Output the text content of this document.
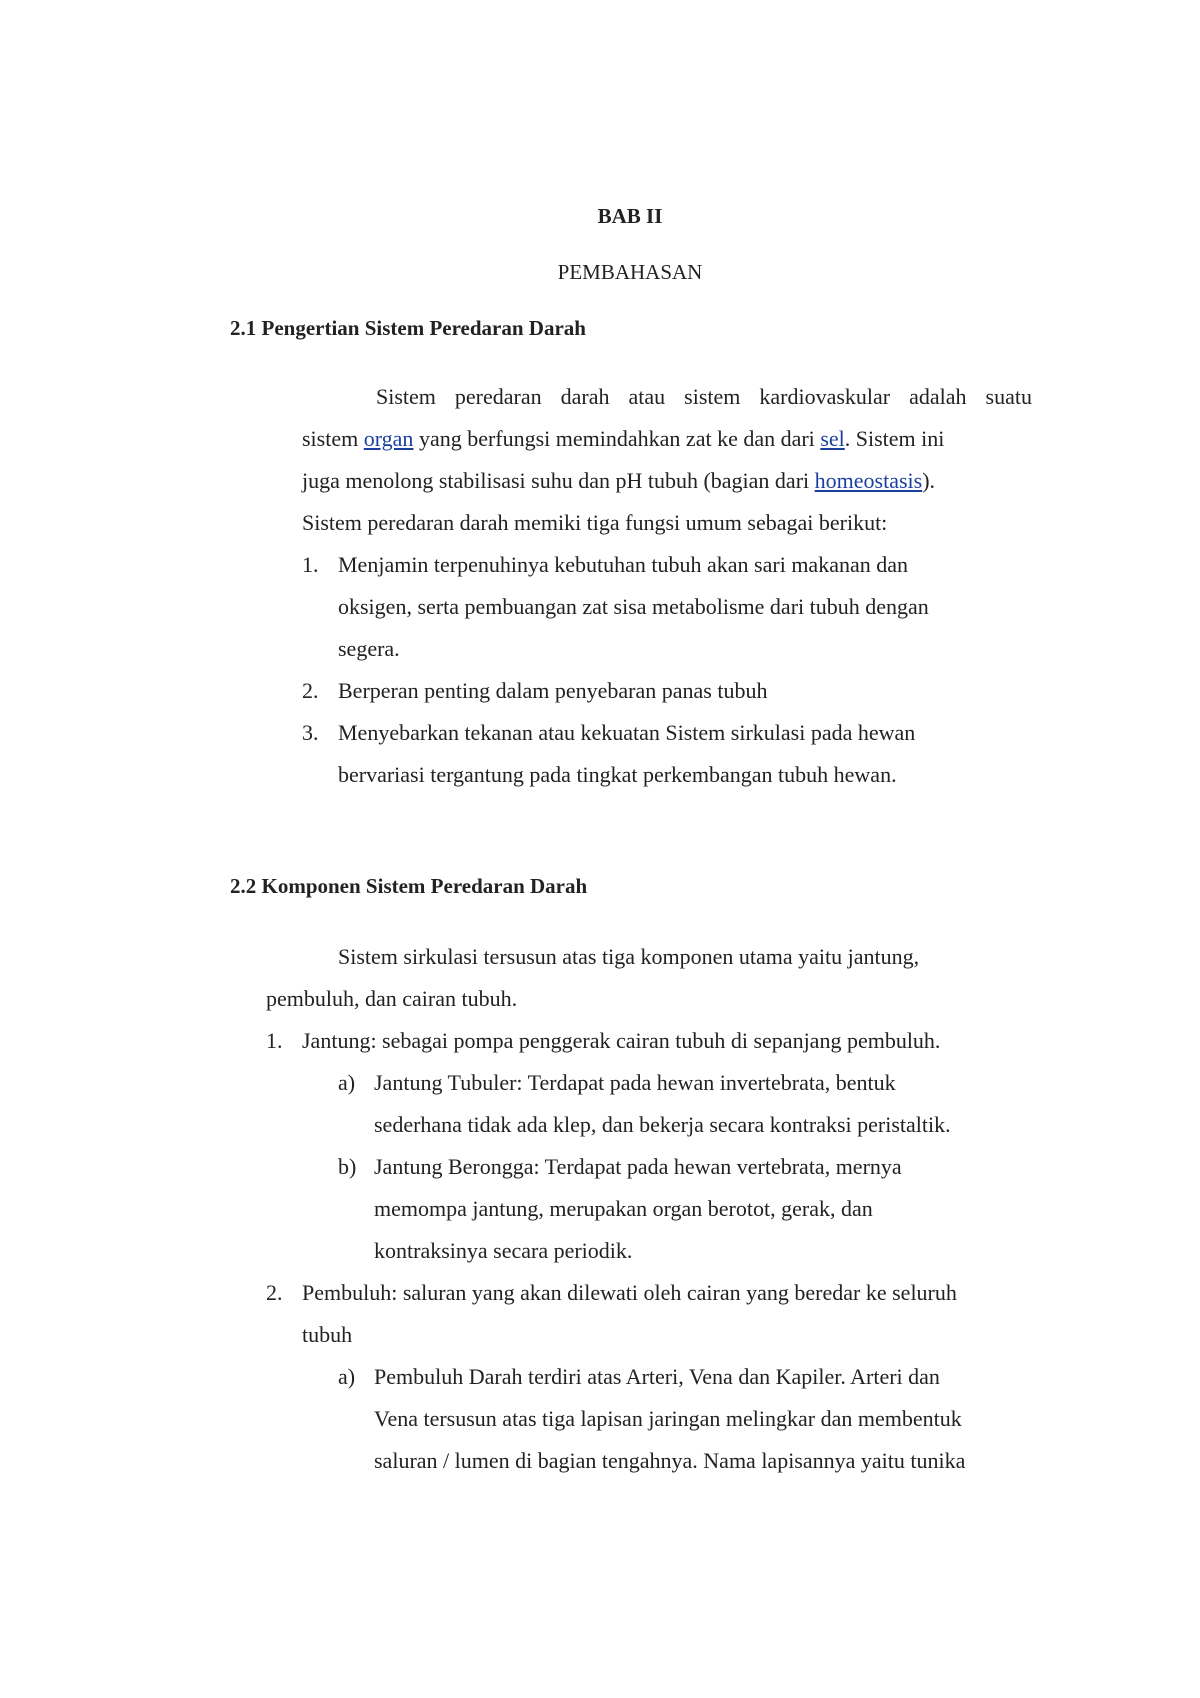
BAB II
PEMBAHASAN
2.1 Pengertian Sistem Peredaran Darah
Sistem peredaran darah atau sistem kardiovaskular adalah suatu
sistem organ yang berfungsi memindahkan zat ke dan dari sel. Sistem ini
juga menolong stabilisasi suhu dan pH tubuh (bagian dari homeostasis).
Sistem peredaran darah memiki tiga fungsi umum sebagai berikut:
1. Menjamin terpenuhinya kebutuhan tubuh akan sari makanan dan
oksigen, serta pembuangan zat sisa metabolisme dari tubuh dengan
segera.
2. Berperan penting dalam penyebaran panas tubuh
3. Menyebarkan tekanan atau kekuatan Sistem sirkulasi pada hewan
bervariasi tergantung pada tingkat perkembangan tubuh hewan.
2.2 Komponen Sistem Peredaran Darah
Sistem sirkulasi tersusun atas tiga komponen utama yaitu jantung,
pembuluh, dan cairan tubuh.
1. Jantung: sebagai pompa penggerak cairan tubuh di sepanjang pembuluh.
a) Jantung Tubuler: Terdapat pada hewan invertebrata, bentuk
sederhana tidak ada klep, dan bekerja secara kontraksi peristaltik.
b) Jantung Berongga: Terdapat pada hewan vertebrata, mernya
memompa jantung, merupakan organ berotot, gerak, dan
kontraksinya secara periodik.
2. Pembuluh: saluran yang akan dilewati oleh cairan yang beredar ke seluruh
tubuh
a) Pembuluh Darah terdiri atas Arteri, Vena dan Kapiler. Arteri dan
Vena tersusun atas tiga lapisan jaringan melingkar dan membentuk
saluran / lumen di bagian tengahnya. Nama lapisannya yaitu tunika
